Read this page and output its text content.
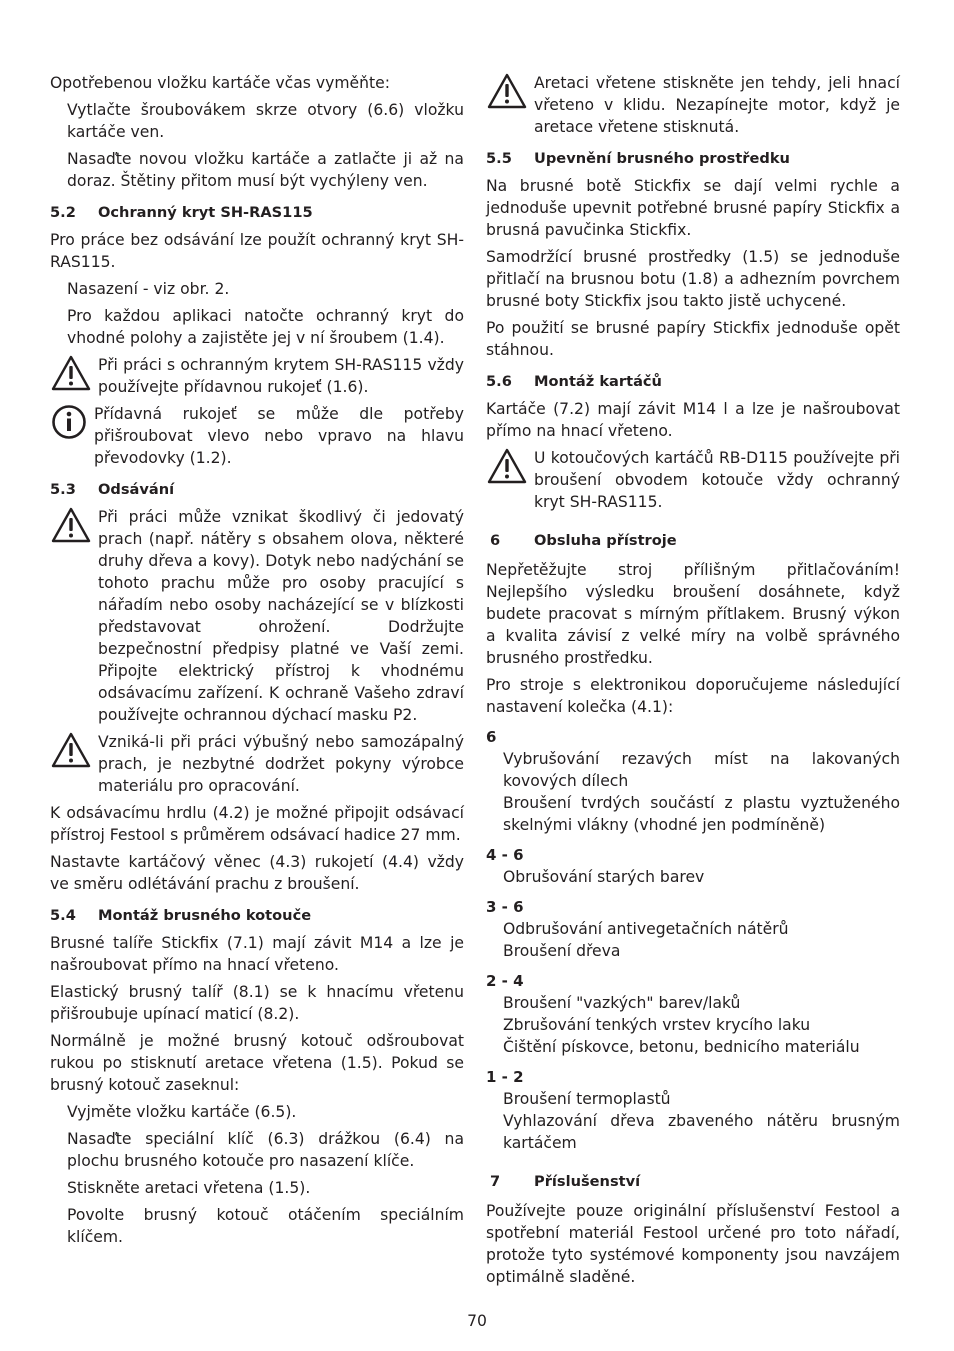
Opotřebenou vložku kartáče včas vyměňte:

Vytlačte šroubovákem skrze otvory (6.6) vložku kartáče ven.

Nasaďte novou vložku kartáče a zatlačte ji až na doraz. Štětiny přitom musí být vychýleny ven.

5.2 Ochranný kryt SH-RAS115

Pro práce bez odsávání lze použít ochranný kryt SH-RAS115.

Nasazení - viz obr. 2.

Pro každou aplikaci natočte ochranný kryt do vhodné polohy a zajistěte jej v ní šroubem (1.4).

Při práci s ochranným krytem SH-RAS115 vždy používejte přídavnou rukojeť (1.6).

Přídavná rukojeť se může dle potřeby přišroubovat vlevo nebo vpravo na hlavu převodovky (1.2).

5.3 Odsávání

Při práci může vznikat škodlivý či jedovatý prach (např. nátěry s obsahem olova, některé druhy dřeva a kovy). Dotyk nebo nadýchání se tohoto prachu může pro osoby pracující s nářadím nebo osoby nacházející se v blízkosti představovat ohrožení. Dodržujte bezpečnostní předpisy platné ve Vaší zemi. Připojte elektrický přístroj k vhodnému odsávacímu zařízení. K ochraně Vašeho zdraví používejte ochrannou dýchací masku P2.

Vzniká-li při práci výbušný nebo samozápalný prach, je nezbytné dodržet pokyny výrobce materiálu pro opracování.

K odsávacímu hrdlu (4.2) je možné připojit odsávací přístroj Festool s průměrem odsávací hadice 27 mm.

Nastavte kartáčový věnec (4.3) rukojetí (4.4) vždy ve směru odlétávání prachu z broušení.

5.4 Montáž brusného kotouče

Brusné talíře Stickfix (7.1) mají závit M14 a lze je našroubovat přímo na hnací vřeteno.

Elastický brusný talíř (8.1) se k hnacímu vřetenu přišroubuje upínací maticí (8.2).

Normálně je možné brusný kotouč odšroubovat rukou po stisknutí aretace vřetena (1.5). Pokud se brusný kotouč zaseknul:

Vyjměte vložku kartáče (6.5).

Nasaďte speciální klíč (6.3) drážkou (6.4) na plochu brusného kotouče pro nasazení klíče.

Stiskněte aretaci vřetena (1.5).

Povolte brusný kotouč otáčením speciálním klíčem.

Aretaci vřetene stiskněte jen tehdy, jeli hnací vřeteno v klidu. Nezapínejte motor, když je aretace vřetene stisknutá.

5.5 Upevnění brusného prostředku

Na brusné botě Stickfix se dají velmi rychle a jednoduše upevnit potřebné brusné papíry Stickfix a brusná pavučinka Stickfix.

Samodržící brusné prostředky (1.5) se jednoduše přitlačí na brusnou botu (1.8) a adhezním povrchem brusné boty Stickfix jsou takto jistě uchycené.

Po použití se brusné papíry Stickfix jednoduše opět stáhnou.

5.6 Montáž kartáčů

Kartáče (7.2) mají závit M14 l a lze je našroubovat přímo na hnací vřeteno.

U kotoučových kartáčů RB-D115 používejte při broušení obvodem kotouče vždy ochranný kryt SH-RAS115.

6 Obsluha přístroje

Nepřetěžujte stroj přílišným přitlačováním! Nejlepšího výsledku broušení dosáhnete, když budete pracovat s mírným přítlakem. Brusný výkon a kvalita závisí z velké míry na volbě správného brusného prostředku.

Pro stroje s elektronikou doporučujeme následující nastavení kolečka (4.1):

6

Vybrušování rezavých míst na lakovaných kovových dílech

Broušení tvrdých součástí z plastu vyztuženého skelnými vlákny (vhodné jen podmíněně)

4 - 6

Obrušování starých barev

3 - 6

Odbrušování antivegetačních nátěrů

Broušení dřeva

2 - 4

Broušení "vazkých" barev/laků

Zbrušování tenkých vrstev krycího laku

Čištění pískovce, betonu, bednicího materiálu

1 - 2

Broušení termoplastů

Vyhlazování dřeva zbaveného nátěru brusným kartáčem

7 Příslušenství

Používejte pouze originální příslušenství Festool a spotřební materiál Festool určené pro toto nářadí, protože tyto systémové komponenty jsou navzájem optimálně sladěné.

70
